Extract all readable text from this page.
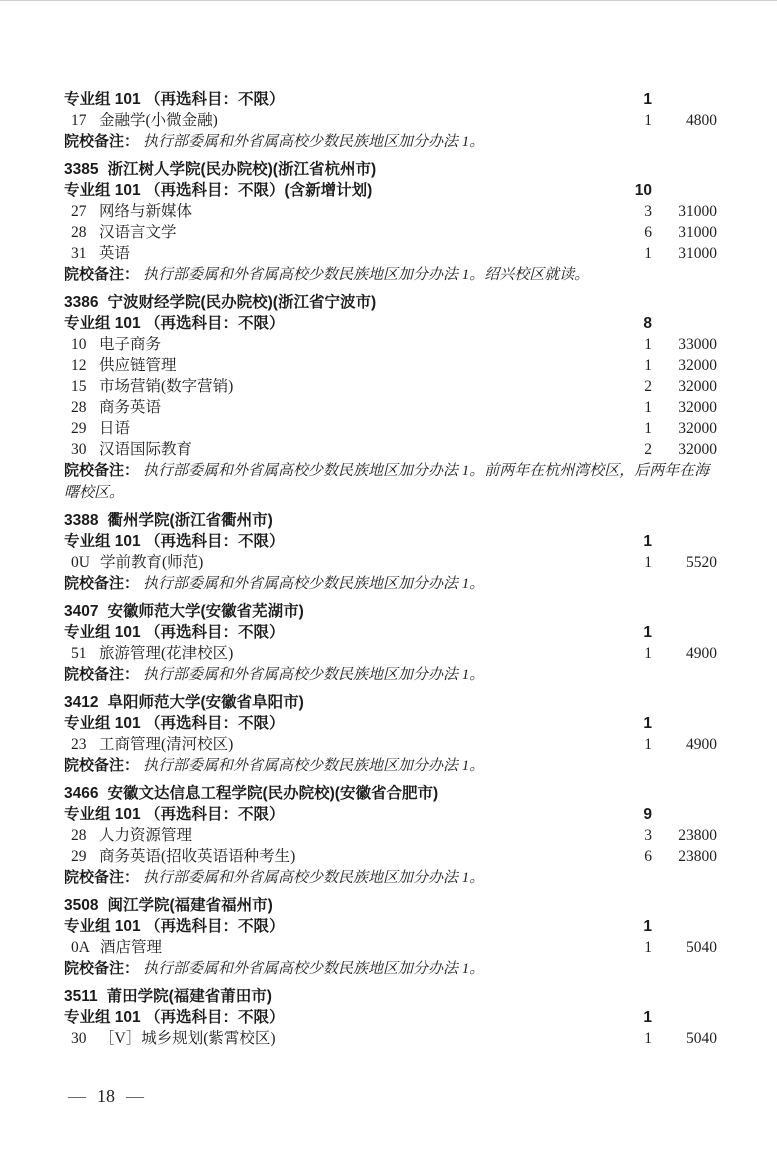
专业组 101 （再选科目：不限）	1
17 金融学(小微金融)	1	4800
院校备注： 执行部委属和外省属高校少数民族地区加分办法 1。
3385 浙江树人学院(民办院校)(浙江省杭州市)
专业组 101 （再选科目：不限）(含新增计划)	10
27 网络与新媒体	3	31000
28 汉语言文学	6	31000
31 英语	1	31000
院校备注： 执行部委属和外省属高校少数民族地区加分办法 1。绍兴校区就读。
3386 宁波财经学院(民办院校)(浙江省宁波市)
专业组 101 （再选科目：不限）	8
10 电子商务	1	33000
12 供应链管理	1	32000
15 市场营销(数字营销)	2	32000
28 商务英语	1	32000
29 日语	1	32000
30 汉语国际教育	2	32000
院校备注： 执行部委属和外省属高校少数民族地区加分办法 1。前两年在杭州湾校区，后两年在海曙校区。
3388 衢州学院(浙江省衢州市)
专业组 101 （再选科目：不限）	1
0U 学前教育(师范)	1	5520
院校备注： 执行部委属和外省属高校少数民族地区加分办法 1。
3407 安徽师范大学(安徽省芜湖市)
专业组 101 （再选科目：不限）	1
51 旅游管理(花津校区)	1	4900
院校备注： 执行部委属和外省属高校少数民族地区加分办法 1。
3412 阜阳师范大学(安徽省阜阳市)
专业组 101 （再选科目：不限）	1
23 工商管理(清河校区)	1	4900
院校备注： 执行部委属和外省属高校少数民族地区加分办法 1。
3466 安徽文达信息工程学院(民办院校)(安徽省合肥市)
专业组 101 （再选科目：不限）	9
28 人力资源管理	3	23800
29 商务英语(招收英语语种考生)	6	23800
院校备注： 执行部委属和外省属高校少数民族地区加分办法 1。
3508 闽江学院(福建省福州市)
专业组 101 （再选科目：不限）	1
0A 酒店管理	1	5040
院校备注： 执行部委属和外省属高校少数民族地区加分办法 1。
3511 莆田学院(福建省莆田市)
专业组 101 （再选科目：不限）	1
30 ［V］城乡规划(紫霄校区)	1	5040
— 18 —
